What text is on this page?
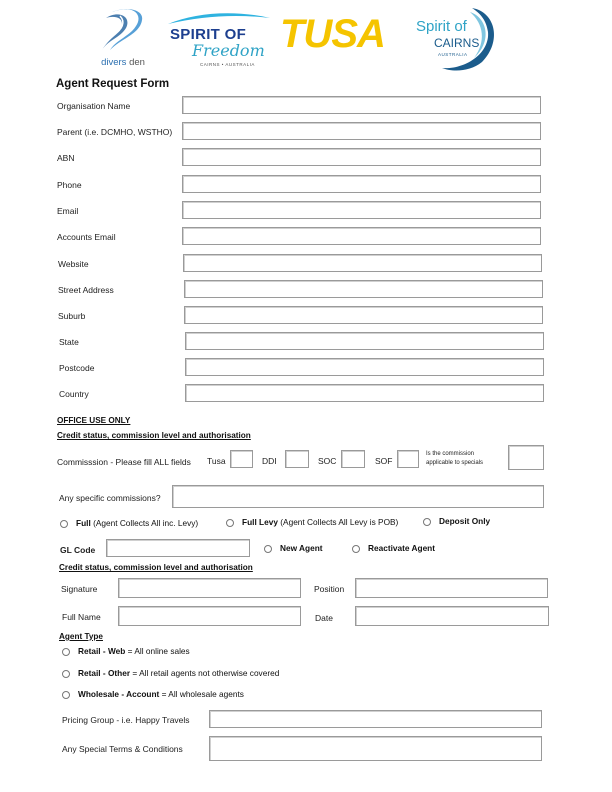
divers den
SPIRIT OF
Freedom
CAIRNS • AUSTRALIA
TUSA Spirit of
CAIRNS
AUSTRALIA
Agent Request Form
Organisation Name
Parent (i.e. DCMHO, WSTHO)
ABN
Phone
Email
Accounts Email
Website
Street Address
Suburb
State
Postcode
Country
OFFICE USE ONLY
Credit status, commission level and authorisation
Commisssion - Please fill ALL fields Tusa	DDI	SOC	SOF
Is the commission
applicable to specials
Any specific commissions?
Full (Agent Collects All inc. Levy)	Full Levy (Agent Collects All Levy is POB)	Deposit Only
GL Code	New Agent	Reactivate Agent
Credit status, commission level and authorisation
Signature	Position
Full Name	Date
Agent Type
Retail - Web = All online sales
Retail - Other = All retail agents not otherwise covered
Wholesale - Account = All wholesale agents
Pricing Group - i.e. Happy Travels
Any Special Terms & Conditions
